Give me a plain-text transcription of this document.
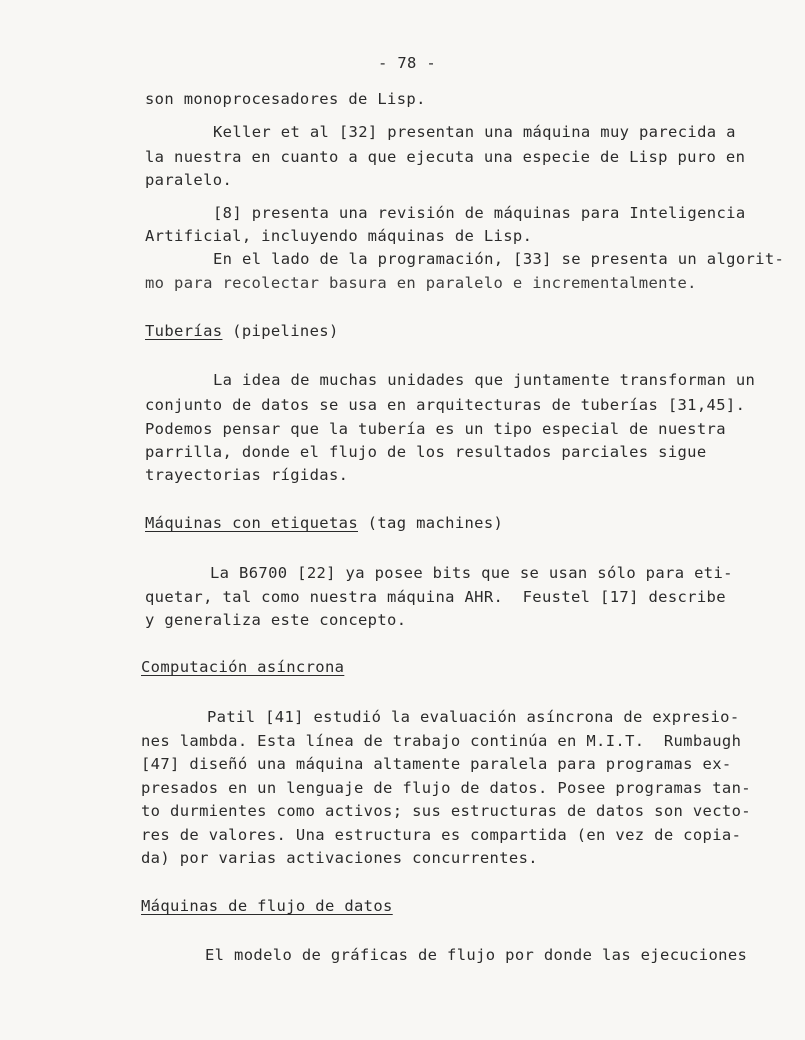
- 78 -
son monoprocesadores de Lisp.
Keller et al [32] presentan una máquina muy parecida a
la nuestra en cuanto a que ejecuta una especie de Lisp puro en
paralelo.
[8] presenta una revisión de máquinas para Inteligencia
Artificial, incluyendo máquinas de Lisp.
En el lado de la programación, [33] se presenta un algorit-
mo para recolectar basura en paralelo e incrementalmente.
Tuberías (pipelines)
La idea de muchas unidades que juntamente transforman un
conjunto de datos se usa en arquitecturas de tuberías [31,45].
Podemos pensar que la tubería es un tipo especial de nuestra
parrilla, donde el flujo de los resultados parciales sigue
trayectorias rígidas.
Máquinas con etiquetas (tag machines)
La B6700 [22] ya posee bits que se usan sólo para eti-
quetar, tal como nuestra máquina AHR.  Feustel [17] describe
y generaliza este concepto.
Computación asíncrona
Patil [41] estudió la evaluación asíncrona de expresio-
nes lambda. Esta línea de trabajo continúa en M.I.T.  Rumbaugh
[47] diseñó una máquina altamente paralela para programas ex-
presados en un lenguaje de flujo de datos. Posee programas tan-
to durmientes como activos; sus estructuras de datos son vecto-
res de valores. Una estructura es compartida (en vez de copia-
da) por varias activaciones concurrentes.
Máquinas de flujo de datos
El modelo de gráficas de flujo por donde las ejecuciones
